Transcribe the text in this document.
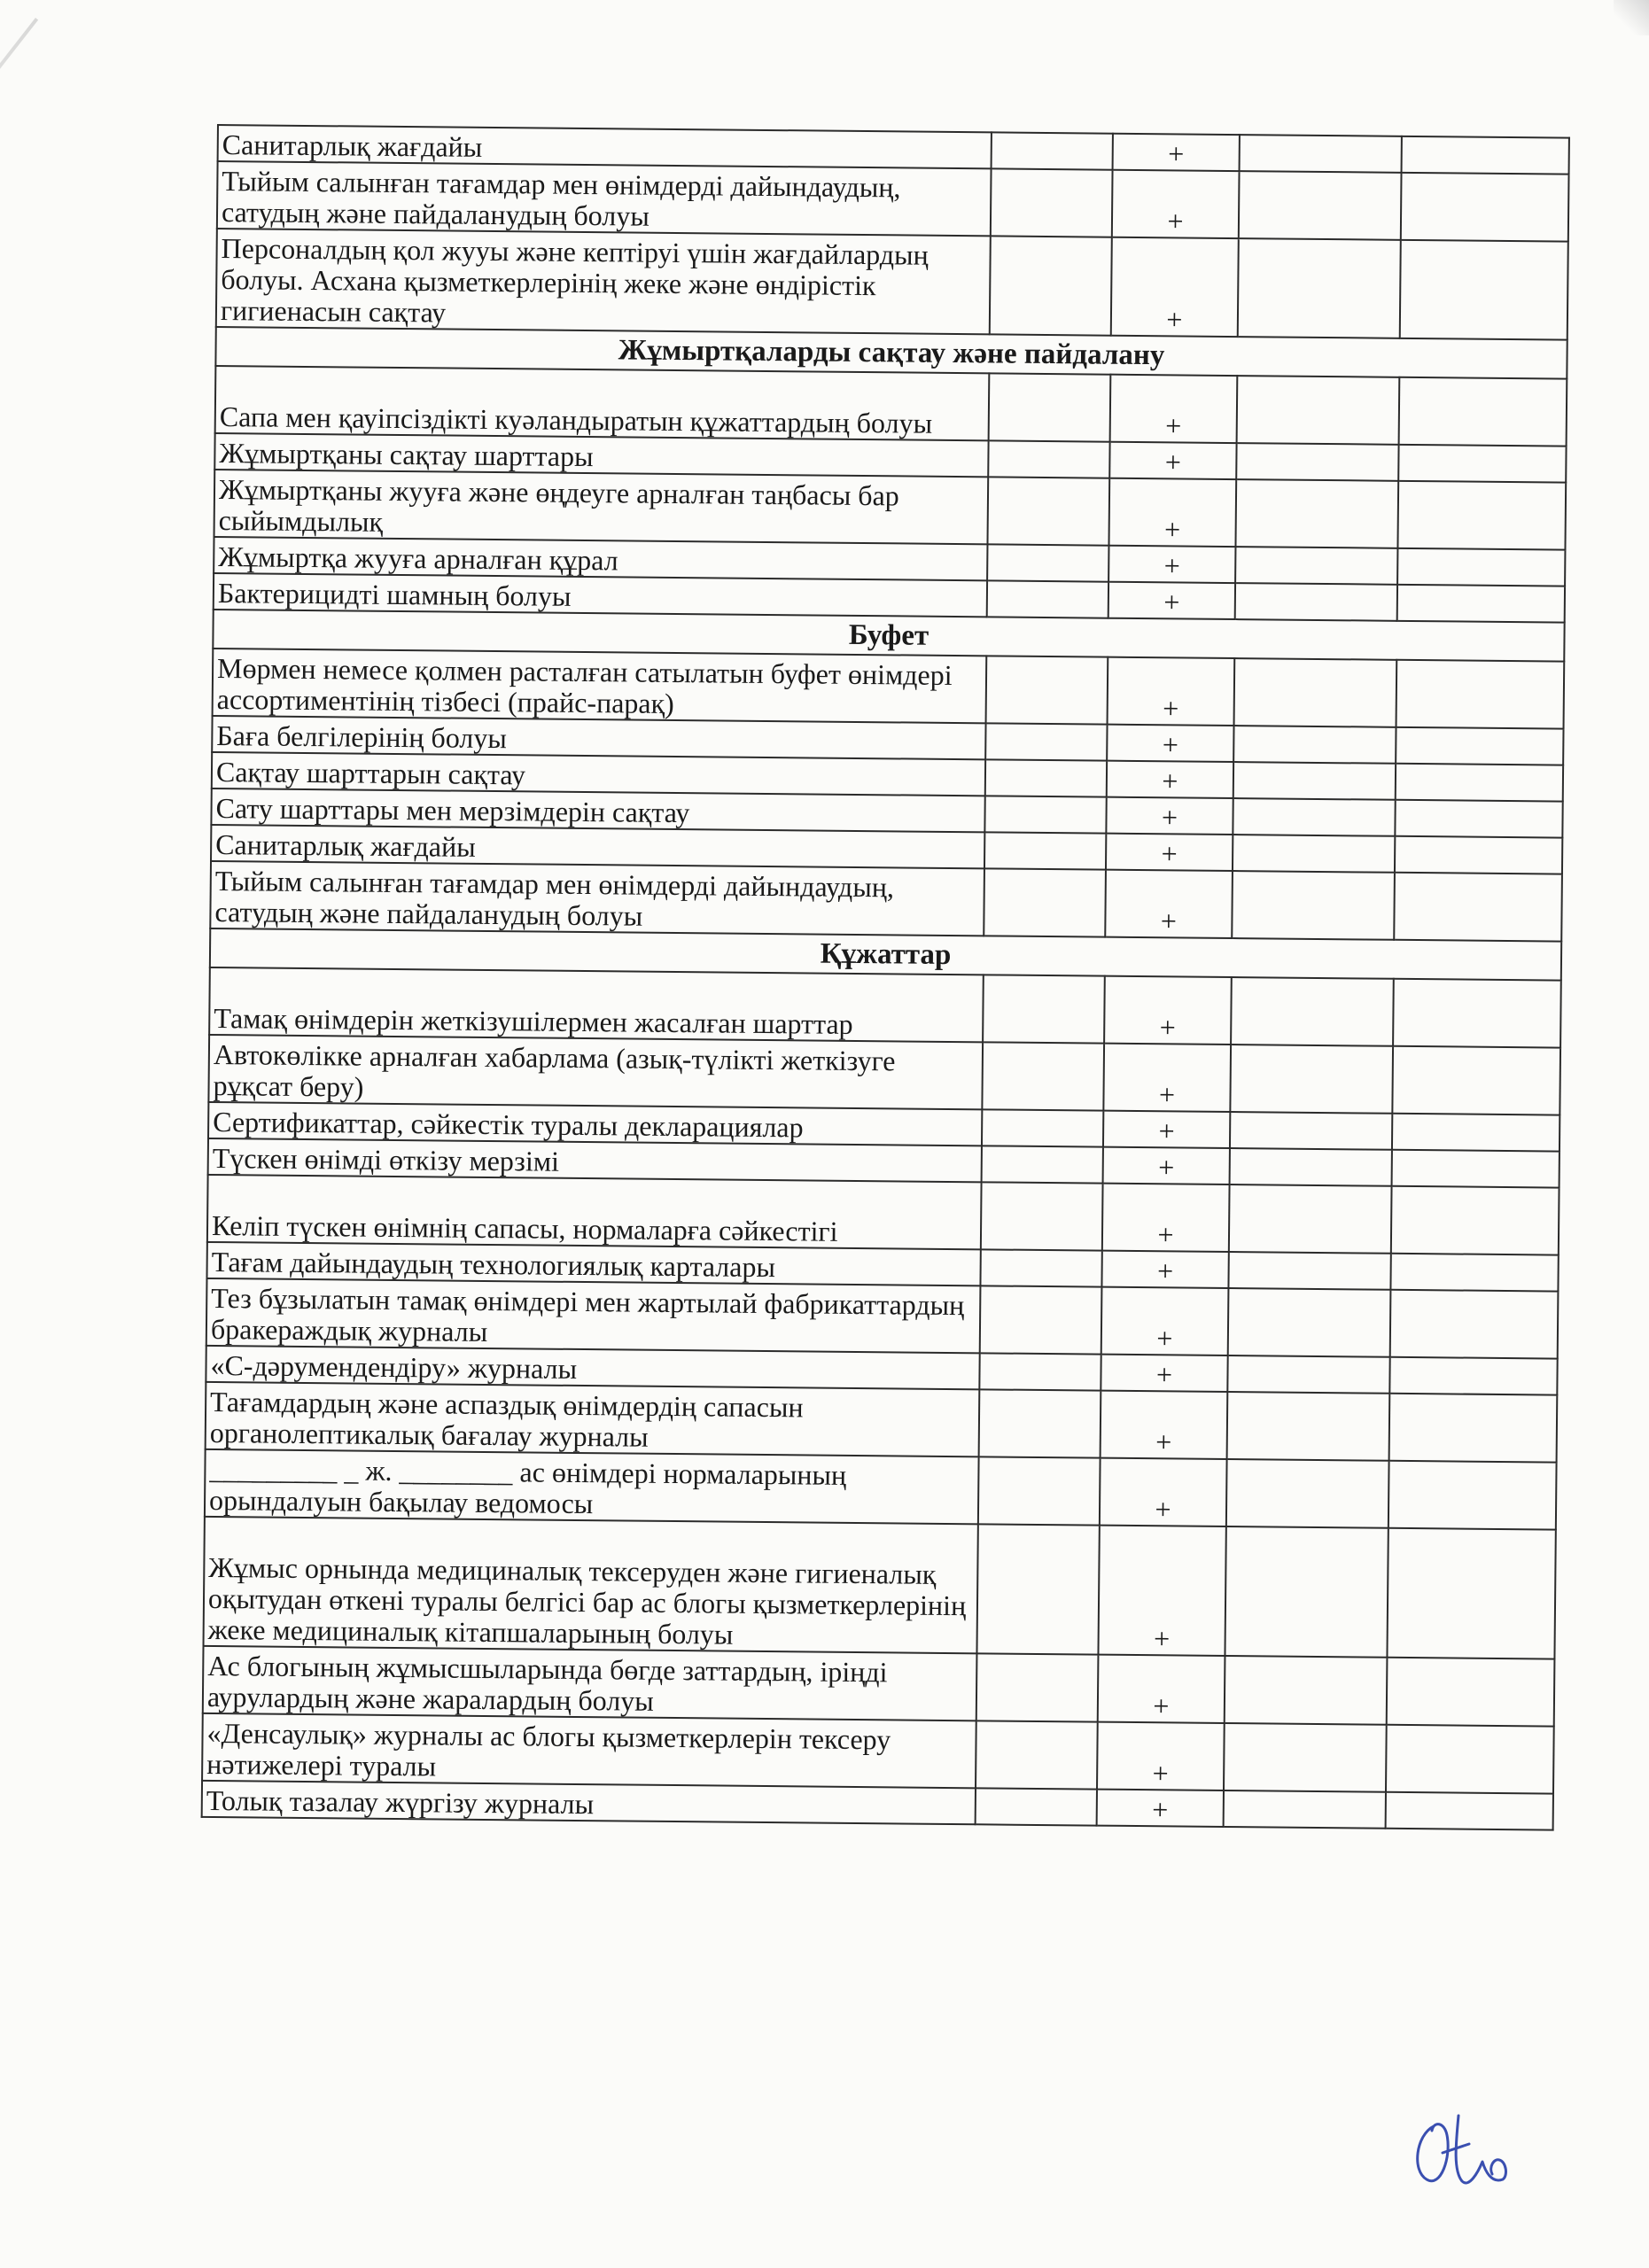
Санитарлық жағдайы		+		
Тыйым салынған тағамдар мен өнімдерді дайындаудың, сатудың және пайдаланудың болуы		+		
Персоналдың қол жууы және кептіруі үшін жағдайлардың болуы. Асхана қызметкерлерінің жеке және өндірістік гигиенасын сақтау		+		
Жұмыртқаларды сақтау және пайдалану				
Сапа мен қауіпсіздікті куәландыратын құжаттардың болуы		+		
Жұмыртқаны сақтау шарттары		+		
Жұмыртқаны жууға және өңдеуге арналған таңбасы бар сыйымдылық		+		
Жұмыртқа жууға арналған құрал		+		
Бактерицидті шамның болуы		+		
Буфет				
Мөрмен немесе қолмен расталған сатылатын буфет өнімдері ассортиментінің тізбесі (прайс-парақ)		+		
Баға белгілерінің болуы		+		
Сақтау шарттарын сақтау		+		
Сату шарттары мен мерзімдерін сақтау		+		
Санитарлық жағдайы		+		
Тыйым салынған тағамдар мен өнімдерді дайындаудың, сатудың және пайдаланудың болуы		+		
Құжаттар				
Тамақ өнімдерін жеткізушілермен жасалған шарттар		+		
Автокөлікке арналған хабарлама (азық-түлікті жеткізуге рұқсат беру)		+		
Сертификаттар, сәйкестік туралы декларациялар		+		
Түскен өнімді өткізу мерзімі		+		
Келіп түскен өнімнің сапасы, нормаларға сәйкестігі		+		
Тағам дайындаудың технологиялық карталары		+		
Тез бұзылатын тамақ өнімдері мен жартылай фабрикаттардың бракераждық журналы		+		
«С-дәрумендендіру» журналы		+		
Тағамдардың және аспаздық өнімдердің сапасын органолептикалық бағалау журналы		+		
_________ _ ж. ________ ас өнімдері нормаларының орындалуын бақылау ведомосы		+		
Жұмыс орнында медициналық тексеруден және гигиеналық оқытудан өткені туралы белгісі бар ас блогы қызметкерлерінің жеке медициналық кітапшаларының болуы		+		
Ас блогының жұмысшыларында бөгде заттардың, іріңді аурулардың және жаралардың болуы		+		
«Денсаулық» журналы ас блогы қызметкерлерін тексеру нәтижелері туралы		+		
Толық тазалау жүргізу журналы		+		
